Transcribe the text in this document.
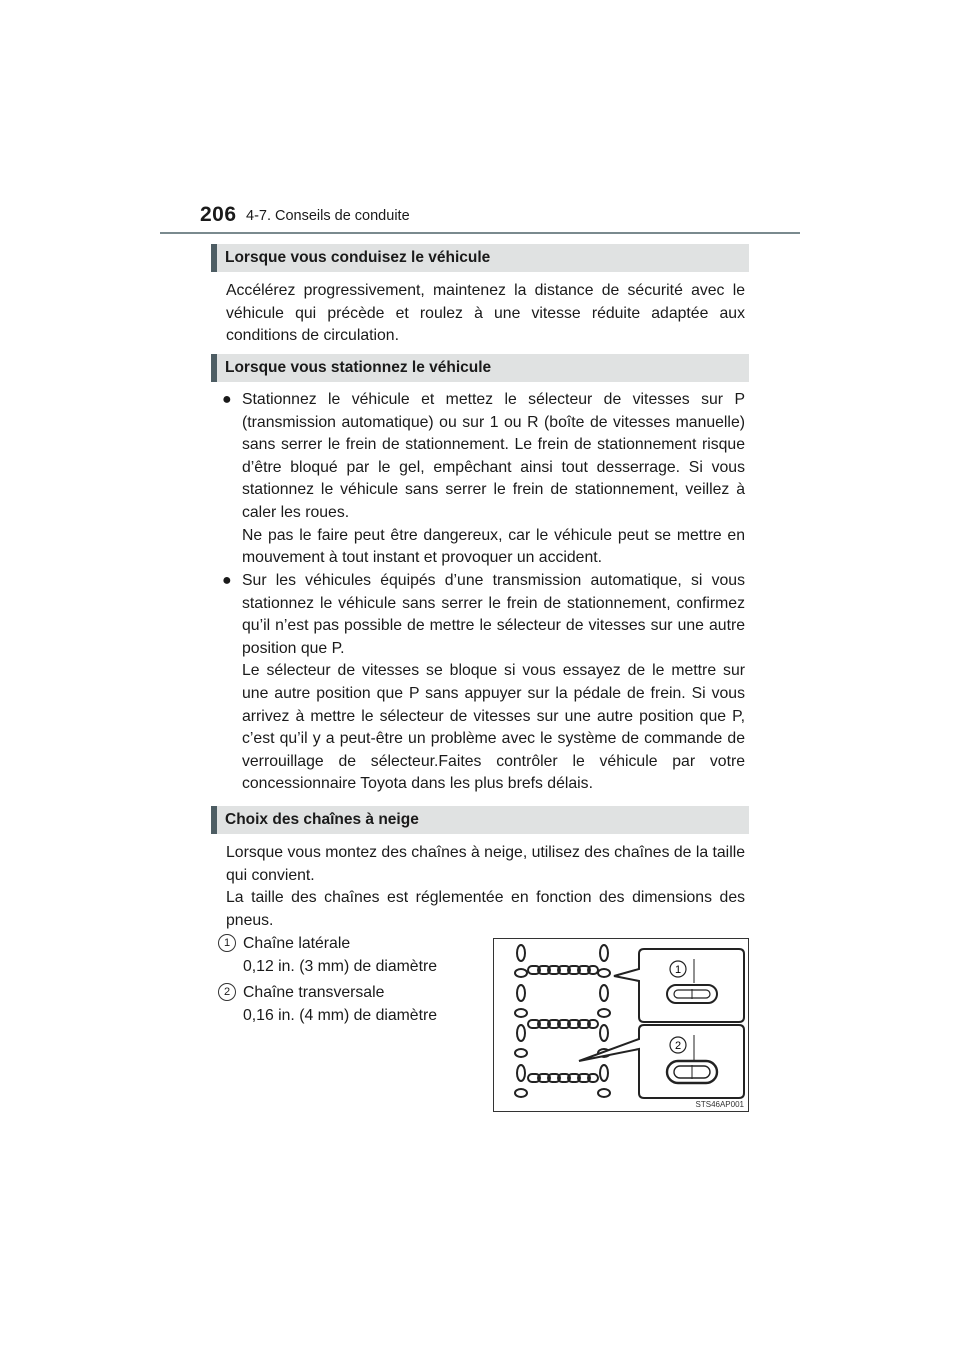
206 4-7. Conseils de conduite
Lorsque vous conduisez le véhicule

Accélérez progressivement, maintenez la distance de sécurité avec le véhicule qui précède et roulez à une vitesse réduite adaptée aux conditions de circulation.

Lorsque vous stationnez le véhicule
● Stationnez le véhicule et mettez le sélecteur de vitesses sur P (transmission automatique) ou sur 1 ou R (boîte de vitesses manuelle) sans serrer le frein de stationnement. Le frein de stationnement risque d’être bloqué par le gel, empêchant ainsi tout desserrage. Si vous stationnez le véhicule sans serrer le frein de stationnement, veillez à caler les roues.

Ne pas le faire peut être dangereux, car le véhicule peut se mettre en mouvement à tout instant et provoquer un accident.

● Sur les véhicules équipés d’une transmission automatique, si vous stationnez le véhicule sans serrer le frein de stationnement, confirmez qu’il n’est pas possible de mettre le sélecteur de vitesses sur une autre position que P.

Le sélecteur de vitesses se bloque si vous essayez de le mettre sur une autre position que P sans appuyer sur la pédale de frein. Si vous arrivez à mettre le sélecteur de vitesses sur une autre position que P, c’est qu’il y a peut-être un problème avec le système de commande de verrouillage de sélecteur.Faites contrôler le véhicule par votre concessionnaire Toyota dans les plus brefs délais.

Choix des chaînes à neige

Lorsque vous montez des chaînes à neige, utilisez des chaînes de la taille qui convient.

La taille des chaînes est réglementée en fonction des dimensions des pneus.

1 Chaîne latérale
0,12 in. (3 mm) de diamètre
2 Chaîne transversale
0,16 in. (4 mm) de diamètre
1
2
STS46AP001
